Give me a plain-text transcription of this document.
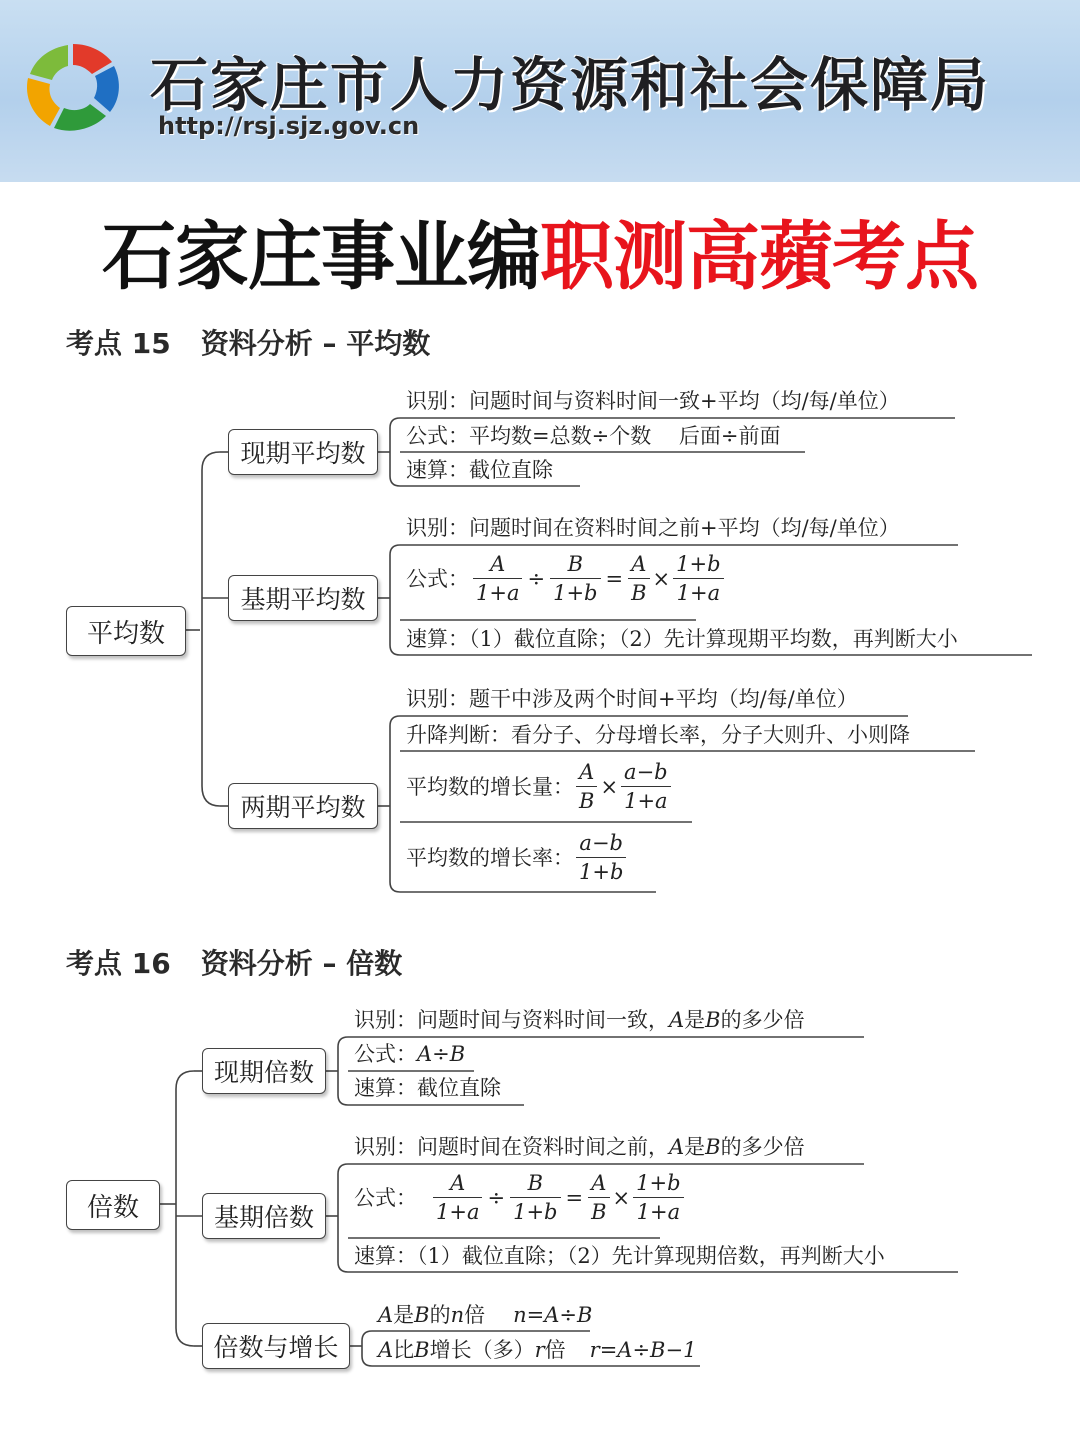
石家庄市人力资源和社会保障局
http://rsj.sjz.gov.cn
石家庄事业编职测高蘋考点
考点 15 资料分析 – 平均数
平均数
现期平均数
基期平均数
两期平均数
识别：问题时间与资料时间一致+平均（均/每/单位）
公式：平均数=总数÷个数　 后面÷前面
速算：截位直除
识别：问题时间在资料时间之前+平均（均/每/单位）
公式： $\frac{A}{1+a} \div \frac{B}{1+b} = \frac{A}{B} \times \frac{1+b}{1+a}$
速算：（1）截位直除；（2）先计算现期平均数，再判断大小
识别：题干中涉及两个时间+平均（均/每/单位）
升降判断：看分子、分母增长率，分子大则升、小则降
平均数的增长量： $\frac{A}{B} \times \frac{a-b}{1+a}$
平均数的增长率： $\frac{a-b}{1+b}$
考点 16 资料分析 – 倍数
倍数
现期倍数
基期倍数
倍数与增长
识别：问题时间与资料时间一致，A是B的多少倍
公式：A÷B
速算：截位直除
识别：问题时间在资料时间之前，A是B的多少倍
公式： $\frac{A}{1+a} \div \frac{B}{1+b} = \frac{A}{B} \times \frac{1+b}{1+a}$
速算：（1）截位直除；（2）先计算现期倍数，再判断大小
A是B的n倍 n=A÷B
A比B增长（多）r倍 r=A÷B−1
